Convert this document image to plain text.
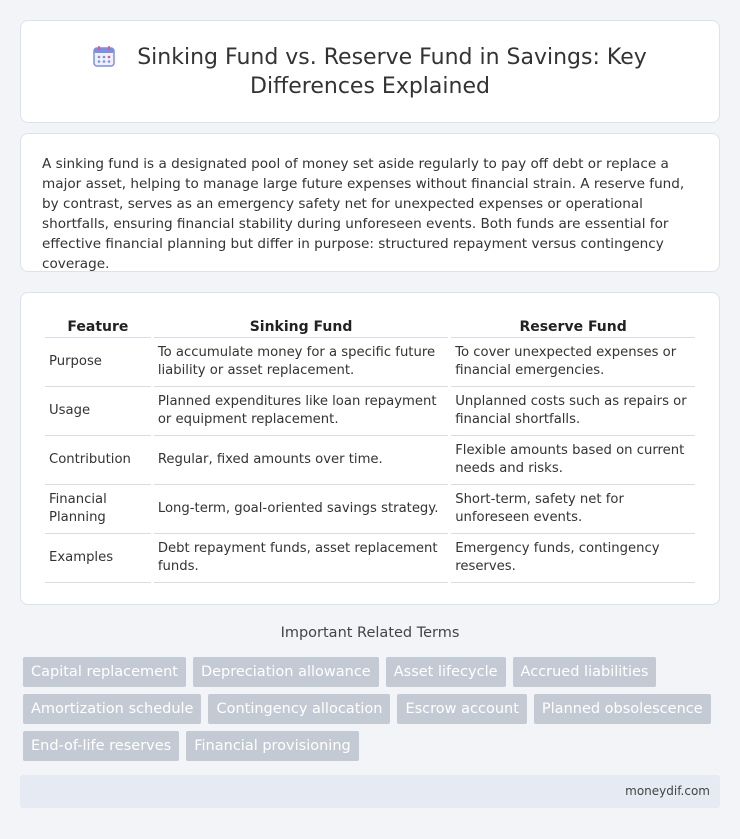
Sinking Fund vs. Reserve Fund in Savings: Key
Differences Explained

A sinking fund is a designated pool of money set aside regularly to pay off debt or replace a major asset, helping to manage large future expenses without financial strain. A reserve fund, by contrast, serves as an emergency safety net for unexpected expenses or operational shortfalls, ensuring financial stability during unforeseen events. Both funds are essential for effective financial planning but differ in purpose: structured repayment versus contingency coverage.

Feature	Sinking Fund	Reserve Fund
Purpose	To accumulate money for a specific future liability or asset replacement.	To cover unexpected expenses or financial emergencies.
Usage	Planned expenditures like loan repayment or equipment replacement.	Unplanned costs such as repairs or financial shortfalls.
Contribution	Regular, fixed amounts over time.	Flexible amounts based on current needs and risks.
Financial Planning	Long-term, goal-oriented savings strategy.	Short-term, safety net for unforeseen events.
Examples	Debt repayment funds, asset replacement funds.	Emergency funds, contingency reserves.
Important Related Terms
Capital replacement	Depreciation allowance	Asset lifecycle	Accrued liabilities
Amortization schedule	Contingency allocation	Escrow account	Planned obsolescence
End-of-life reserves	Financial provisioning
moneydif.com
